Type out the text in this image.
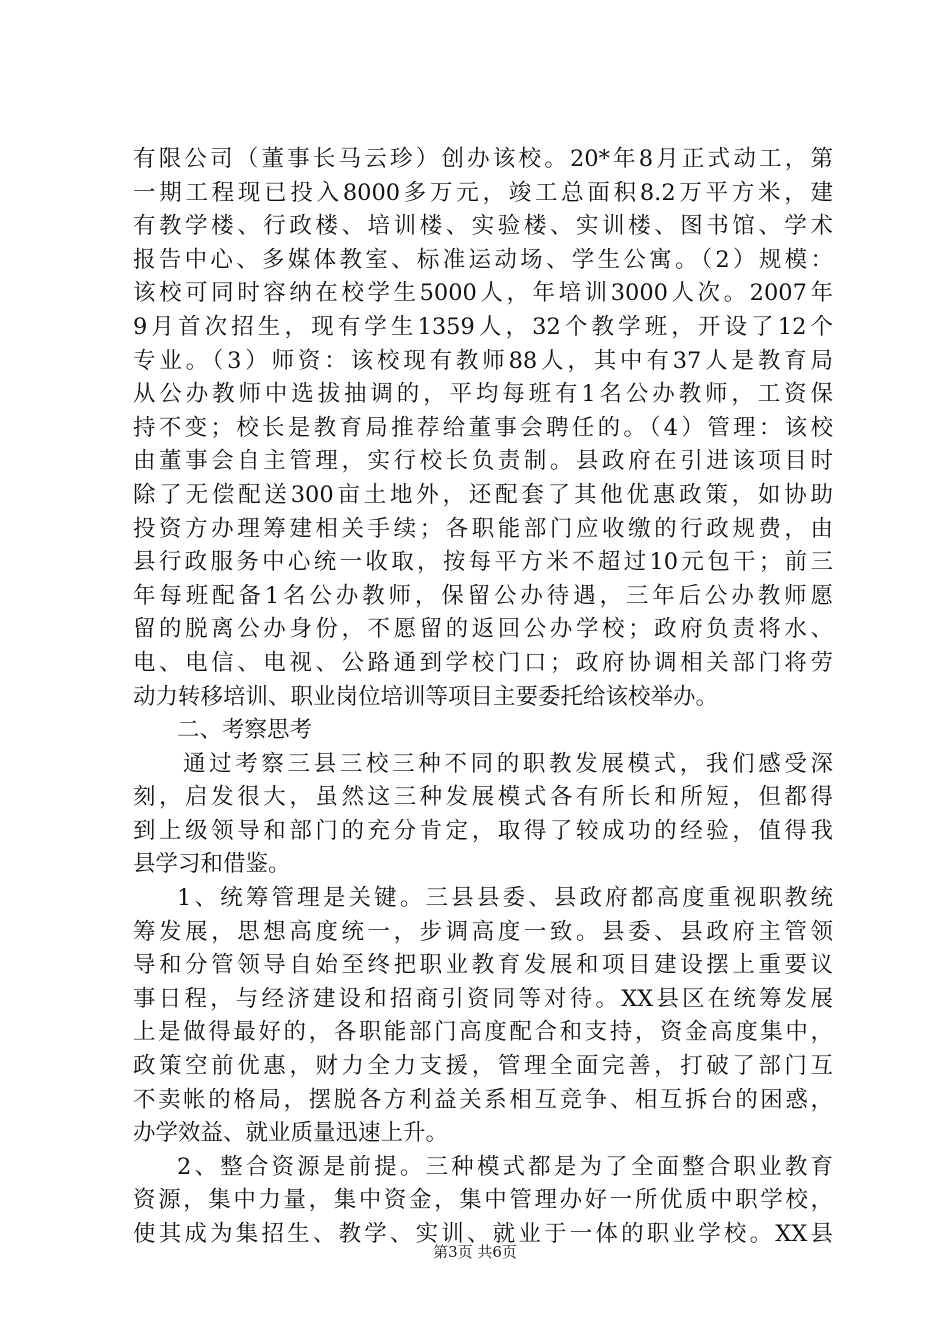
有限公司（董事长马云珍）创办该校。20*年8月正式动工，第
一期工程现已投入8000多万元，竣工总面积8.2万平方米，建
有教学楼、行政楼、培训楼、实验楼、实训楼、图书馆、学术
报告中心、多媒体教室、标准运动场、学生公寓。（2）规模：
该校可同时容纳在校学生5000人，年培训3000人次。2007年
9月首次招生，现有学生1359人，32个教学班，开设了12个
专业。（3）师资：该校现有教师88人，其中有37人是教育局
从公办教师中选拔抽调的，平均每班有1名公办教师，工资保
持不变；校长是教育局推荐给董事会聘任的。（4）管理：该校
由董事会自主管理，实行校长负责制。县政府在引进该项目时
除了无偿配送300亩土地外，还配套了其他优惠政策，如协助
投资方办理筹建相关手续；各职能部门应收缴的行政规费，由
县行政服务中心统一收取，按每平方米不超过10元包干；前三
年每班配备1名公办教师，保留公办待遇，三年后公办教师愿
留的脱离公办身份，不愿留的返回公办学校；政府负责将水、
电、电信、电视、公路通到学校门口；政府协调相关部门将劳
动力转移培训、职业岗位培训等项目主要委托给该校举办。
二、考察思考
通过考察三县三校三种不同的职教发展模式，我们感受深
刻，启发很大，虽然这三种发展模式各有所长和所短，但都得
到上级领导和部门的充分肯定，取得了较成功的经验，值得我
县学习和借鉴。
1、统筹管理是关键。三县县委、县政府都高度重视职教统
筹发展，思想高度统一，步调高度一致。县委、县政府主管领
导和分管领导自始至终把职业教育发展和项目建设摆上重要议
事日程，与经济建设和招商引资同等对待。XX县区在统筹发展
上是做得最好的，各职能部门高度配合和支持，资金高度集中，
政策空前优惠，财力全力支援，管理全面完善，打破了部门互
不卖帐的格局，摆脱各方利益关系相互竞争、相互拆台的困惑，
办学效益、就业质量迅速上升。
2、整合资源是前提。三种模式都是为了全面整合职业教育
资源，集中力量，集中资金，集中管理办好一所优质中职学校，
使其成为集招生、教学、实训、就业于一体的职业学校。XX县
第3页 共6页
